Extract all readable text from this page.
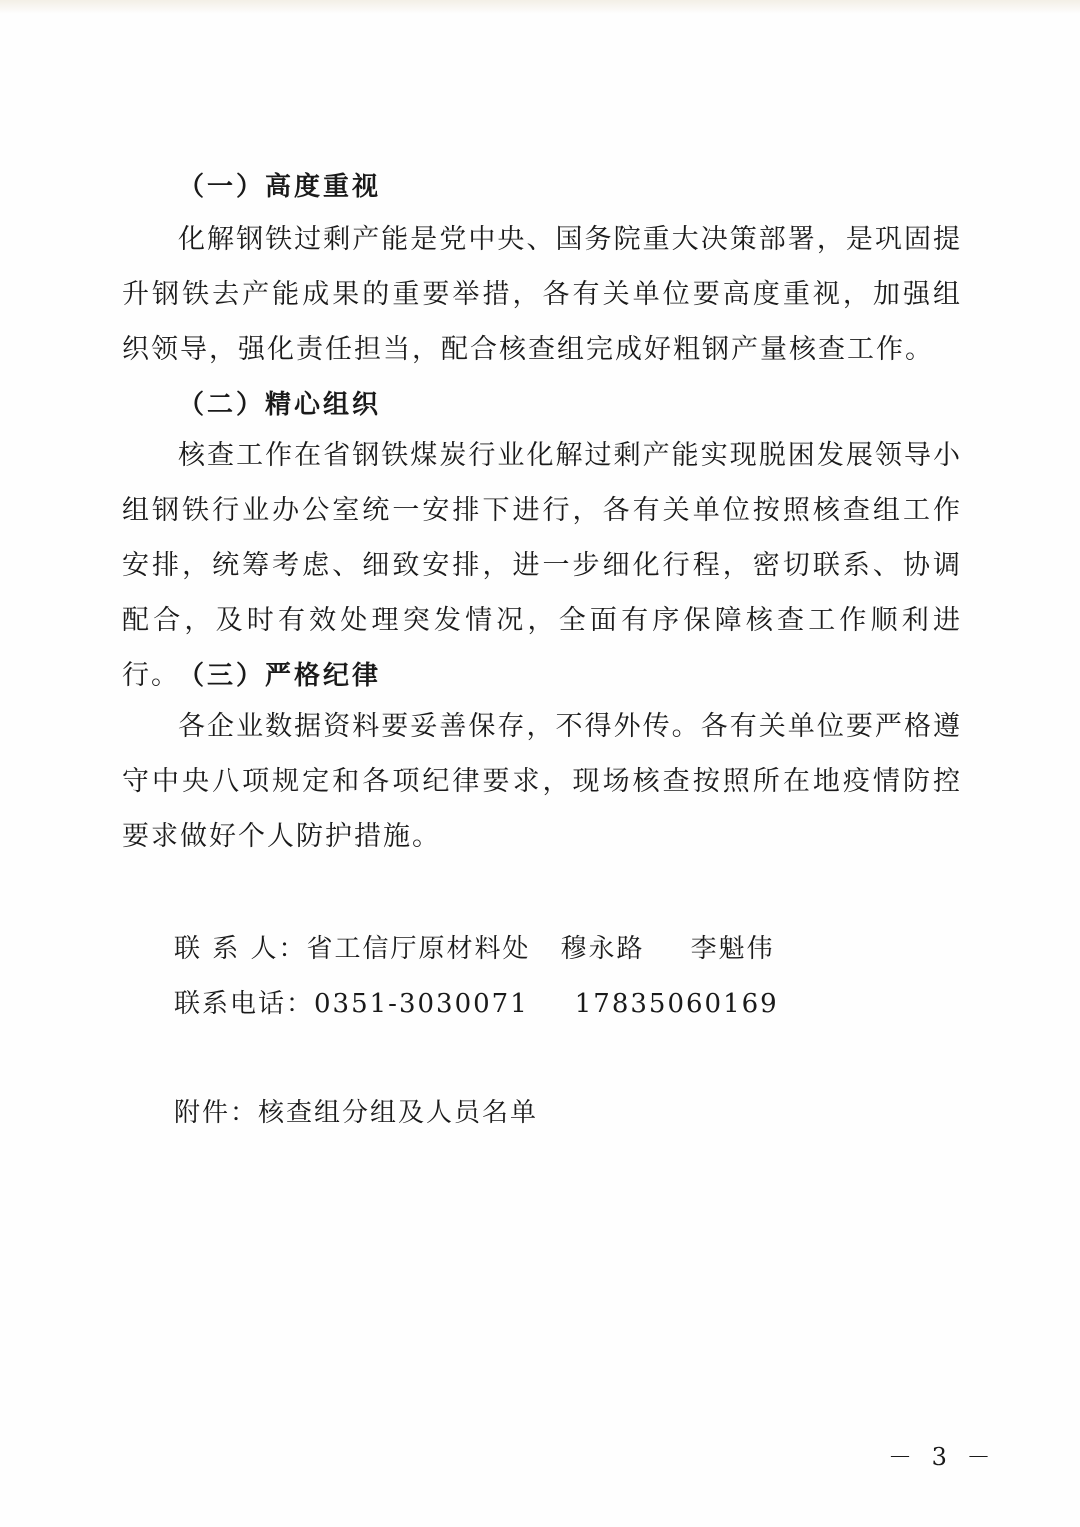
（一）高度重视
化解钢铁过剩产能是党中央、国务院重大决策部署，是巩固提升钢铁去产能成果的重要举措，各有关单位要高度重视，加强组织领导，强化责任担当，配合核查组完成好粗钢产量核查工作。
（二）精心组织
核查工作在省钢铁煤炭行业化解过剩产能实现脱困发展领导小组钢铁行业办公室统一安排下进行，各有关单位按照核查组工作安排，统筹考虑、细致安排，进一步细化行程，密切联系、协调配合，及时有效处理突发情况，全面有序保障核查工作顺利进行。
（三）严格纪律
各企业数据资料要妥善保存，不得外传。各有关单位要严格遵守中央八项规定和各项纪律要求，现场核查按照所在地疫情防控要求做好个人防护措施。
联 系 人：省工信厅原材料处 穆永路 李魁伟
联系电话：0351-3030071 17835060169
附件：核查组分组及人员名单
－ 3 －
